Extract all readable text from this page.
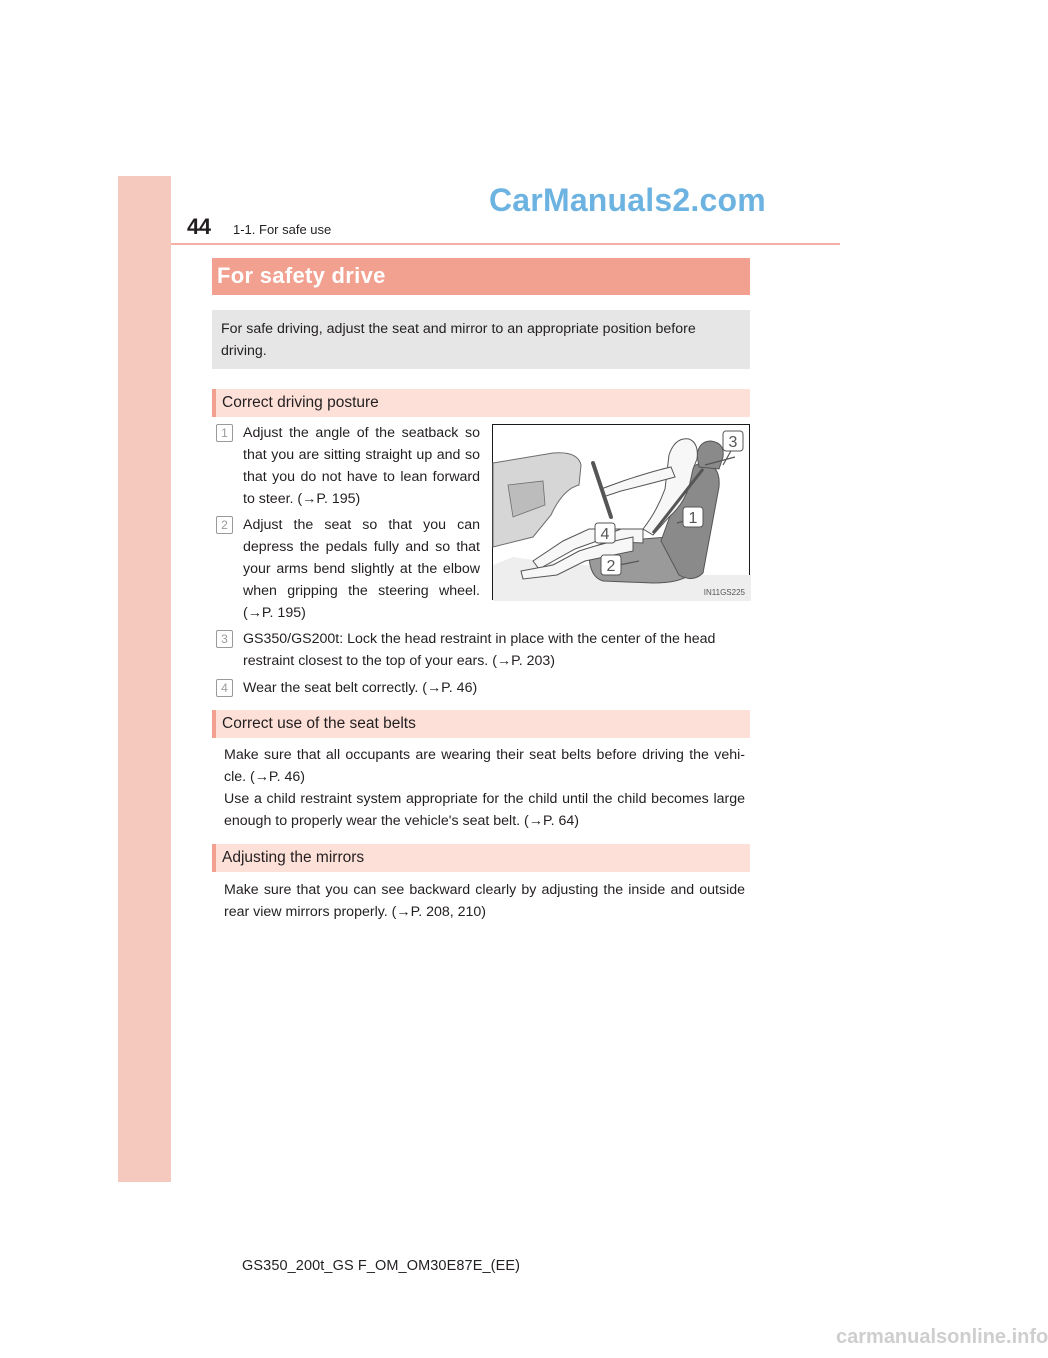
CarManuals2.com
44 1-1. For safe use
For safety drive
For safe driving, adjust the seat and mirror to an appropriate position before driving.
Correct driving posture
1	Adjust the angle of the seatback so that you are sitting straight up and so that you do not have to lean forward to steer. (→P. 195)
2	Adjust the seat so that you can depress the pedals fully and so that your arms bend slightly at the elbow when gripping the steering wheel. (→P. 195)
3
1
4
2
IN11GS225
3	GS350/GS200t: Lock the head restraint in place with the center of the head restraint closest to the top of your ears. (→P. 203)
4	Wear the seat belt correctly. (→P. 46)
Correct use of the seat belts
Make sure that all occupants are wearing their seat belts before driving the vehi- cle. (→P. 46)
Use a child restraint system appropriate for the child until the child becomes large enough to properly wear the vehicle's seat belt. (→P. 64)
Adjusting the mirrors
Make sure that you can see backward clearly by adjusting the inside and outside rear view mirrors properly. (→P. 208, 210)
GS350_200t_GS F_OM_OM30E87E_(EE)
carmanualsonline.info
